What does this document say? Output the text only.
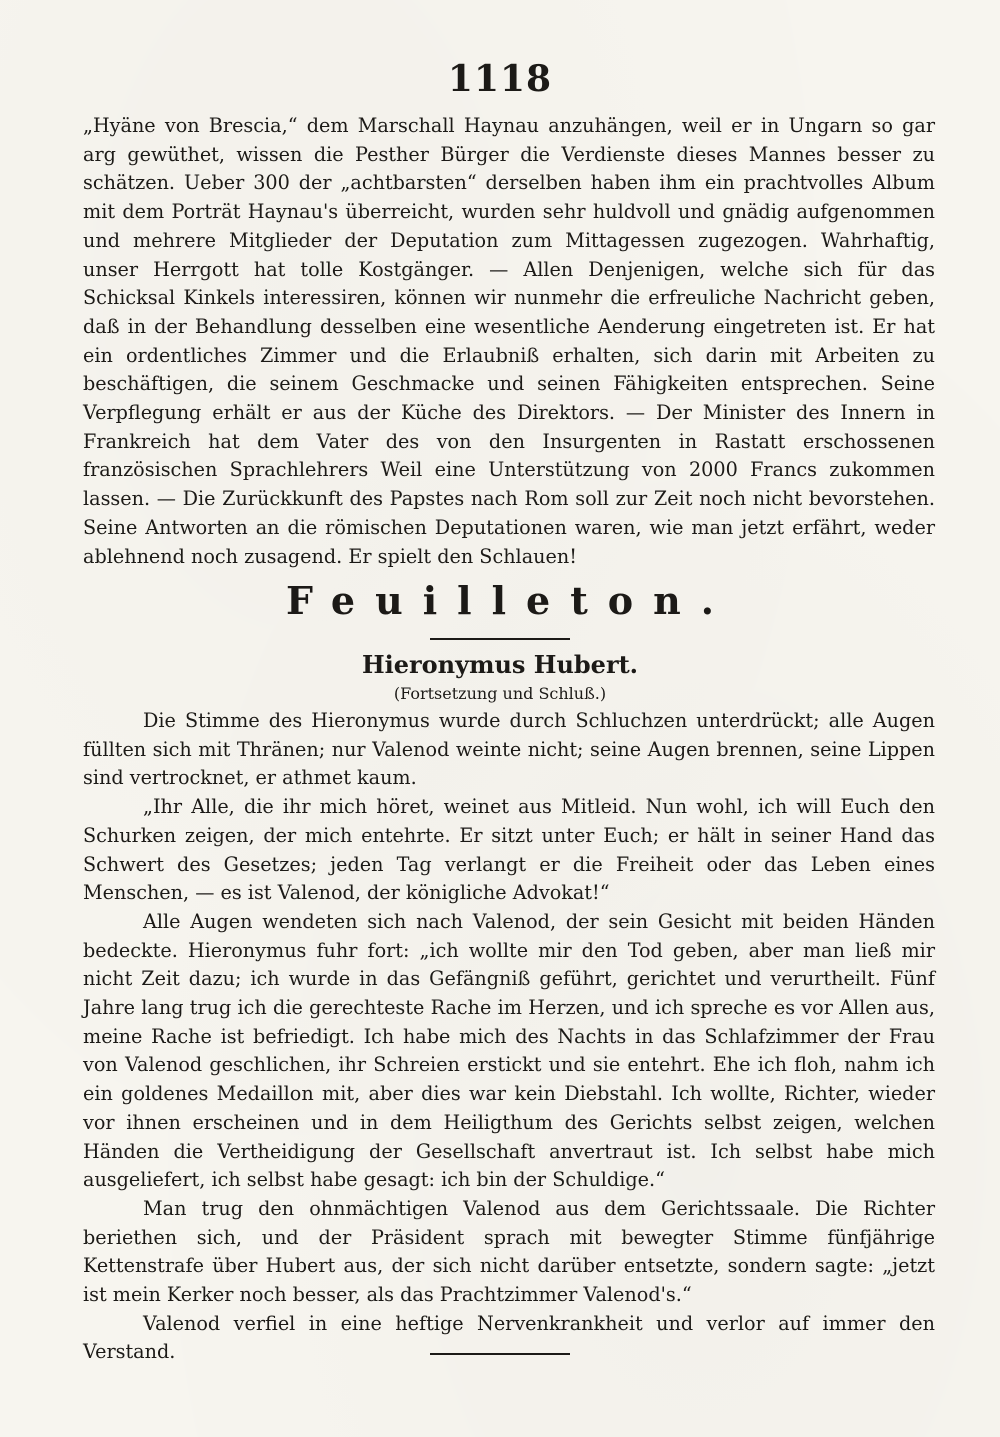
1118

„Hyäne von Brescia,“ dem Marschall Haynau anzuhängen, weil er in Ungarn so gar arg gewüthet, wissen die Pesther Bürger die Verdienste dieses Mannes besser zu schätzen. Ueber 300 der „achtbarsten“ derselben haben ihm ein prachtvolles Album mit dem Porträt Haynau's überreicht, wurden sehr huldvoll und gnädig aufgenommen und mehrere Mitglieder der Deputation zum Mittagessen zugezogen. Wahrhaftig, unser Herrgott hat tolle Kostgänger. — Allen Denjenigen, welche sich für das Schicksal Kinkels interessiren, können wir nunmehr die erfreuliche Nachricht geben, daß in der Behandlung desselben eine wesentliche Aenderung eingetreten ist. Er hat ein ordentliches Zimmer und die Erlaubniß erhalten, sich darin mit Arbeiten zu beschäftigen, die seinem Geschmacke und seinen Fähigkeiten entsprechen. Seine Verpflegung erhält er aus der Küche des Direktors. — Der Minister des Innern in Frankreich hat dem Vater des von den Insurgenten in Rastatt erschossenen französischen Sprachlehrers Weil eine Unterstützung von 2000 Francs zukommen lassen. — Die Zurückkunft des Papstes nach Rom soll zur Zeit noch nicht bevorstehen. Seine Antworten an die römischen Deputationen waren, wie man jetzt erfährt, weder ablehnend noch zusagend. Er spielt den Schlauen!

Feuilleton.
Hieronymus Hubert.
(Fortsetzung und Schluß.)

Die Stimme des Hieronymus wurde durch Schluchzen unterdrückt; alle Augen füllten sich mit Thränen; nur Valenod weinte nicht; seine Augen brennen, seine Lippen sind vertrocknet, er athmet kaum.

„Ihr Alle, die ihr mich höret, weinet aus Mitleid. Nun wohl, ich will Euch den Schurken zeigen, der mich entehrte. Er sitzt unter Euch; er hält in seiner Hand das Schwert des Gesetzes; jeden Tag verlangt er die Freiheit oder das Leben eines Menschen, — es ist Valenod, der königliche Advokat!“

Alle Augen wendeten sich nach Valenod, der sein Gesicht mit beiden Händen bedeckte. Hieronymus fuhr fort: „ich wollte mir den Tod geben, aber man ließ mir nicht Zeit dazu; ich wurde in das Gefängniß geführt, gerichtet und verurtheilt. Fünf Jahre lang trug ich die gerechteste Rache im Herzen, und ich spreche es vor Allen aus, meine Rache ist befriedigt. Ich habe mich des Nachts in das Schlafzimmer der Frau von Valenod geschlichen, ihr Schreien erstickt und sie entehrt. Ehe ich floh, nahm ich ein goldenes Medaillon mit, aber dies war kein Diebstahl. Ich wollte, Richter, wieder vor ihnen erscheinen und in dem Heiligthum des Gerichts selbst zeigen, welchen Händen die Vertheidigung der Gesellschaft anvertraut ist. Ich selbst habe mich ausgeliefert, ich selbst habe gesagt: ich bin der Schuldige.“

Man trug den ohnmächtigen Valenod aus dem Gerichtssaale. Die Richter beriethen sich, und der Präsident sprach mit bewegter Stimme fünfjährige Kettenstrafe über Hubert aus, der sich nicht darüber entsetzte, sondern sagte: „jetzt ist mein Kerker noch besser, als das Prachtzimmer Valenod's.“

Valenod verfiel in eine heftige Nervenkrankheit und verlor auf immer den Verstand.
